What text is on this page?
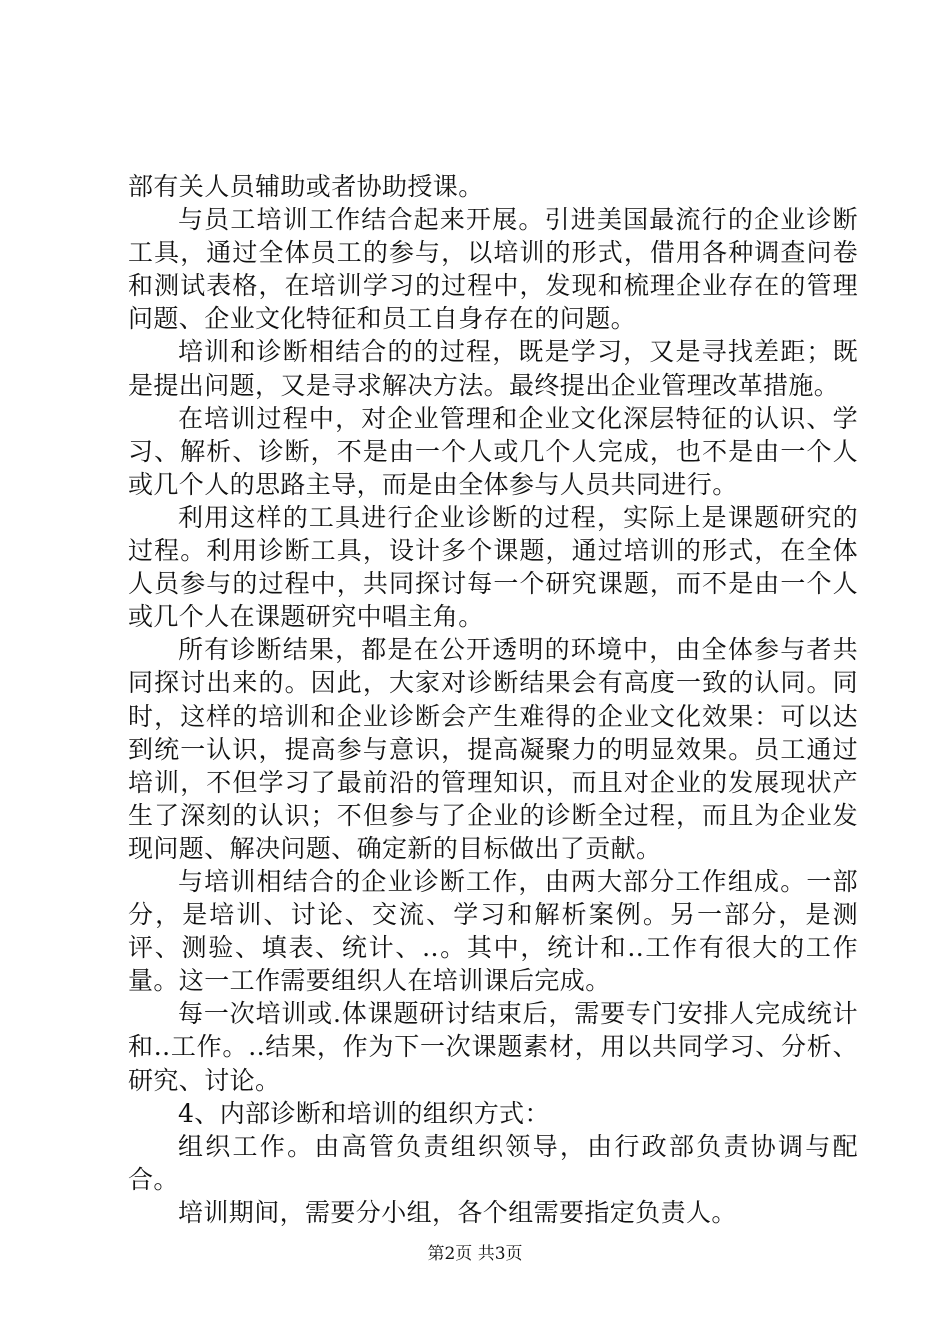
部有关人员辅助或者协助授课。

与员工培训工作结合起来开展。引进美国最流行的企业诊断工具，通过全体员工的参与，以培训的形式，借用各种调查问卷和测试表格，在培训学习的过程中，发现和梳理企业存在的管理问题、企业文化特征和员工自身存在的问题。

培训和诊断相结合的的过程，既是学习，又是寻找差距；既是提出问题，又是寻求解决方法。最终提出企业管理改革措施。

在培训过程中，对企业管理和企业文化深层特征的认识、学习、解析、诊断，不是由一个人或几个人完成，也不是由一个人或几个人的思路主导，而是由全体参与人员共同进行。

利用这样的工具进行企业诊断的过程，实际上是课题研究的过程。利用诊断工具，设计多个课题，通过培训的形式，在全体人员参与的过程中，共同探讨每一个研究课题，而不是由一个人或几个人在课题研究中唱主角。

所有诊断结果，都是在公开透明的环境中，由全体参与者共同探讨出来的。因此，大家对诊断结果会有高度一致的认同。同时，这样的培训和企业诊断会产生难得的企业文化效果：可以达到统一认识，提高参与意识，提高凝聚力的明显效果。员工通过培训，不但学习了最前沿的管理知识，而且对企业的发展现状产生了深刻的认识；不但参与了企业的诊断全过程，而且为企业发现问题、解决问题、确定新的目标做出了贡献。

与培训相结合的企业诊断工作，由两大部分工作组成。一部分，是培训、讨论、交流、学习和解析案例。另一部分，是测评、测验、填表、统计、..。其中，统计和..工作有很大的工作量。这一工作需要组织人在培训课后完成。

每一次培训或.体课题研讨结束后，需要专门安排人完成统计和..工作。..结果，作为下一次课题素材，用以共同学习、分析、研究、讨论。

4、内部诊断和培训的组织方式：

组织工作。由高管负责组织领导，由行政部负责协调与配合。

培训期间，需要分小组，各个组需要指定负责人。

第2页 共3页
